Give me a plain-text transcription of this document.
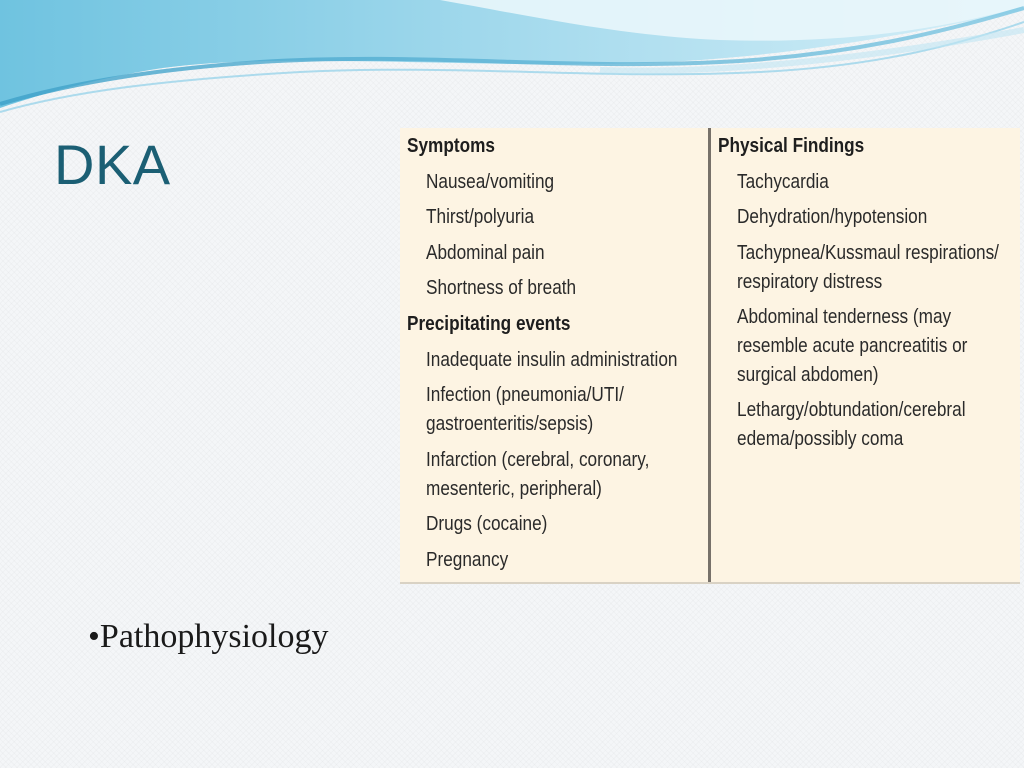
DKA	Symptoms
Nausea/vomiting
Thirst/polyuria
Abdominal pain
Shortness of breath
Precipitating events
Inadequate insulin administration
Infection (pneumonia/UTI/
gastroenteritis/sepsis)
Infarction (cerebral, coronary,
mesenteric, peripheral)
Drugs (cocaine)
Pregnancy
Physical Findings
Tachycardia
Dehydration/hypotension
Tachypnea/Kussmaul respirations/
respiratory distress
Abdominal tenderness (may
resemble acute pancreatitis or
surgical abdomen)
Lethargy/obtundation/cerebral
edema/possibly coma

•Pathophysiology
